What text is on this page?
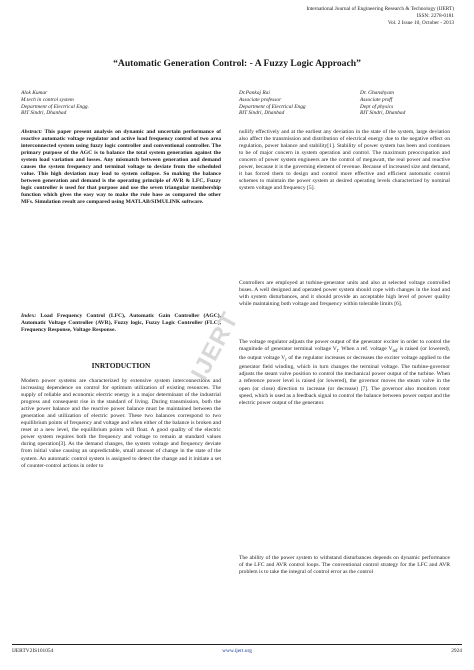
International Journal of Engineering Research & Technology (IJERT)
ISSN: 2278-0181
Vol. 2 Issue 10, October - 2013
“Automatic Generation Control: - A Fuzzy Logic Approach”
Alok Kumar
M.tech in control system
Department of Electrical Engg.
BIT Sindri, Dhanbad
Dr.Pankaj Rai
Associate professor
Department of Electrical Engg
BIT Sindri, Dhanbad
Dr. Ghanshyam
Associate proff
Dept of physics
BIT Sindri, Dhanbad

Abstract: This paper present analysis on dynamic and uncertain performance of reactive automatic voltage regulator and active load frequency control of two area interconnected system using fuzzy logic controller and conventional controller. The primary purpose of the AGC is to balance the total system generation against the system load variation and losses. Any mismatch between generation and demand causes the system frequency and terminal voltage to deviate from the scheduled value. This high deviation may lead to system collapse. So making the balance between generation and demand is the operating principle of AVR & LFC, Fuzzy logic controller is used for that purpose and use the seven triangular membership function which gives the easy way to make the rule base as compared the other MFs. Simulation result are compared using MATLAB/SIMULINK software.

Index: Load Frequency Control (LFC), Automatic Gain Controller (AGC), Automatic Voltage Controller (AVR), Fuzzy logic, Fuzzy Logic Controller (FLC), Frequency Response, Voltage Response.

INRTODUCTION

Modern power systems are characterized by extensive system interconnections and increasing dependence on control for optimum utilization of existing resources. The supply of reliable and economic electric energy is a major determinant of the industrial progress and consequent rise in the standard of living. During transmission, both the active power balance and the reactive power balance must be maintained between the generation and utilization of electric power. These two balances correspond to two equilibrium points of frequency and voltage and when either of the balance is broken and reset at a new level, the equilibrium points will float. A good quality of the electric power system requires both the frequency and voltage to remain at standard values during operation[3]. As the demand changes, the system voltage and frequency deviate from initial value causing an unpredictable, small amount of change in the state of the system. An automatic control system is assigned to detect the change and it initiate a set of counter-control actions in order to

nullify effectively and at the earliest any deviation in the state of the system, large deviation also affect the transmission and distribution of electrical energy due to the negative effect on regulation, power balance and stability[1]. Stability of power system has been and continues to be of major concern in system operation and control. The maximum preoccupation and concern of power system engineers are the control of megawatt, the real power and reactive power, because it is the governing element of revenue. Because of increased size and demand, it has forced them to design and control more effective and efficient automatic control schemes to maintain the power system at desired operating levels characterized by nominal system voltage and frequency [5].

Controllers are employed at turbine-generator units and also at selected voltage controlled buses. A well designed and operated power system should cope with changes in the load and with system disturbances, and it should provide an acceptable high level of power quality while maintaining both voltage and frequency within tolerable limits [6].

The voltage regulator adjusts the power output of the generator exciter in order to control the magnitude of generator terminal voltage $V_t$. When a ref. voltage $V_{ref}$ is raised (or lowered), the output voltage $V_r$ of the regulator increases or decreases the exciter voltage applied to the generator field winding, which in turn changes the terminal voltage. The turbine-governor adjusts the steam valve position to control the mechanical power output of the turbine. When a reference power level is raised (or lowered), the governor moves the steam valve in the open (or close) direction to increase (or decrease) [7]. The governor also monitors rotor speed, which is used as a feedback signal to control the balance between power output and the electric power output of the generator.

The ability of the power system to withstand disturbances depends on dynamic performance of the LFC and AVR control loops. The conventional control strategy for the LFC and AVR problem is to take the integral of control error as the control

IJERT
IJERTV2IS101054	www.ijert.org	2924
